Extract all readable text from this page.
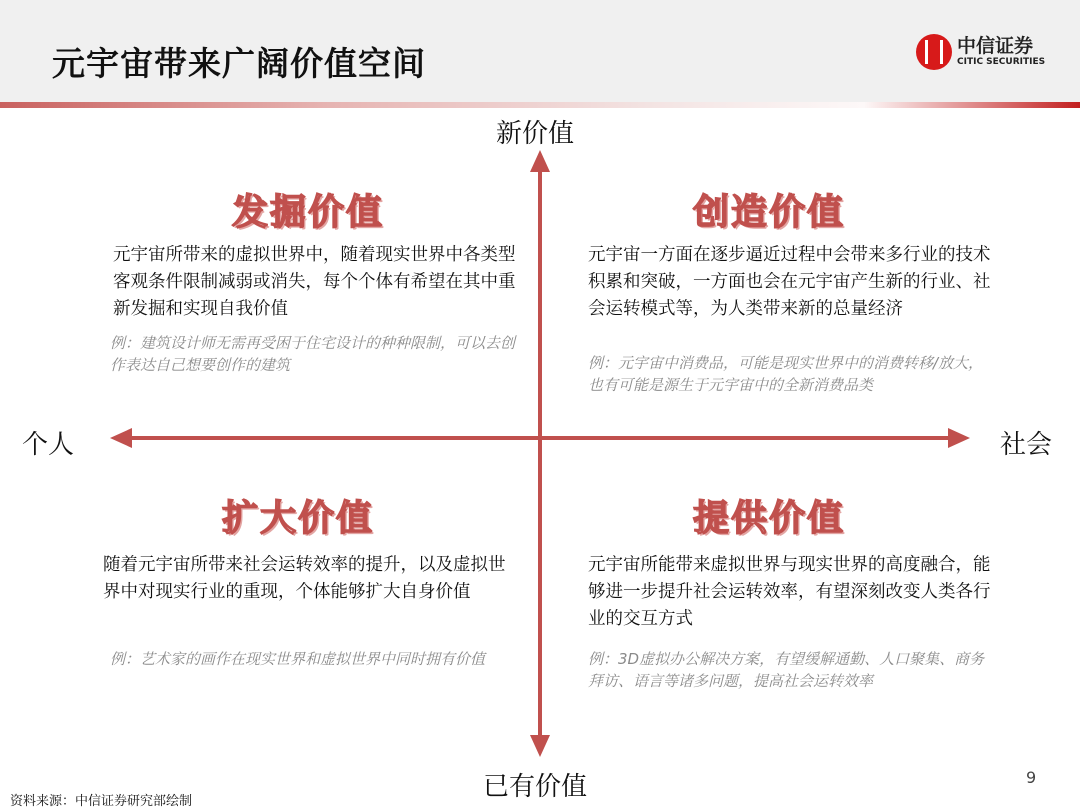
元宇宙带来广阔价值空间	中信证券
CITIC SECURITIES
新价值
已有价值
个人	社会
发掘价值
元宇宙所带来的虚拟世界中，随着现实世界中各类型客观条件限制减弱或消失，每个个体有希望在其中重新发掘和实现自我价值
例：建筑设计师无需再受困于住宅设计的种种限制，可以去创作表达自己想要创作的建筑
创造价值
元宇宙一方面在逐步逼近过程中会带来多行业的技术积累和突破，一方面也会在元宇宙产生新的行业、社会运转模式等，为人类带来新的总量经济
例：元宇宙中消费品，可能是现实世界中的消费转移/放大，也有可能是源生于元宇宙中的全新消费品类
扩大价值
随着元宇宙所带来社会运转效率的提升，以及虚拟世界中对现实行业的重现，个体能够扩大自身价值
例：艺术家的画作在现实世界和虚拟世界中同时拥有价值
提供价值
元宇宙所能带来虚拟世界与现实世界的高度融合，能够进一步提升社会运转效率，有望深刻改变人类各行业的交互方式
例：3D虚拟办公解决方案，有望缓解通勤、人口聚集、商务拜访、语言等诸多问题，提高社会运转效率
9
资料来源：中信证券研究部绘制
